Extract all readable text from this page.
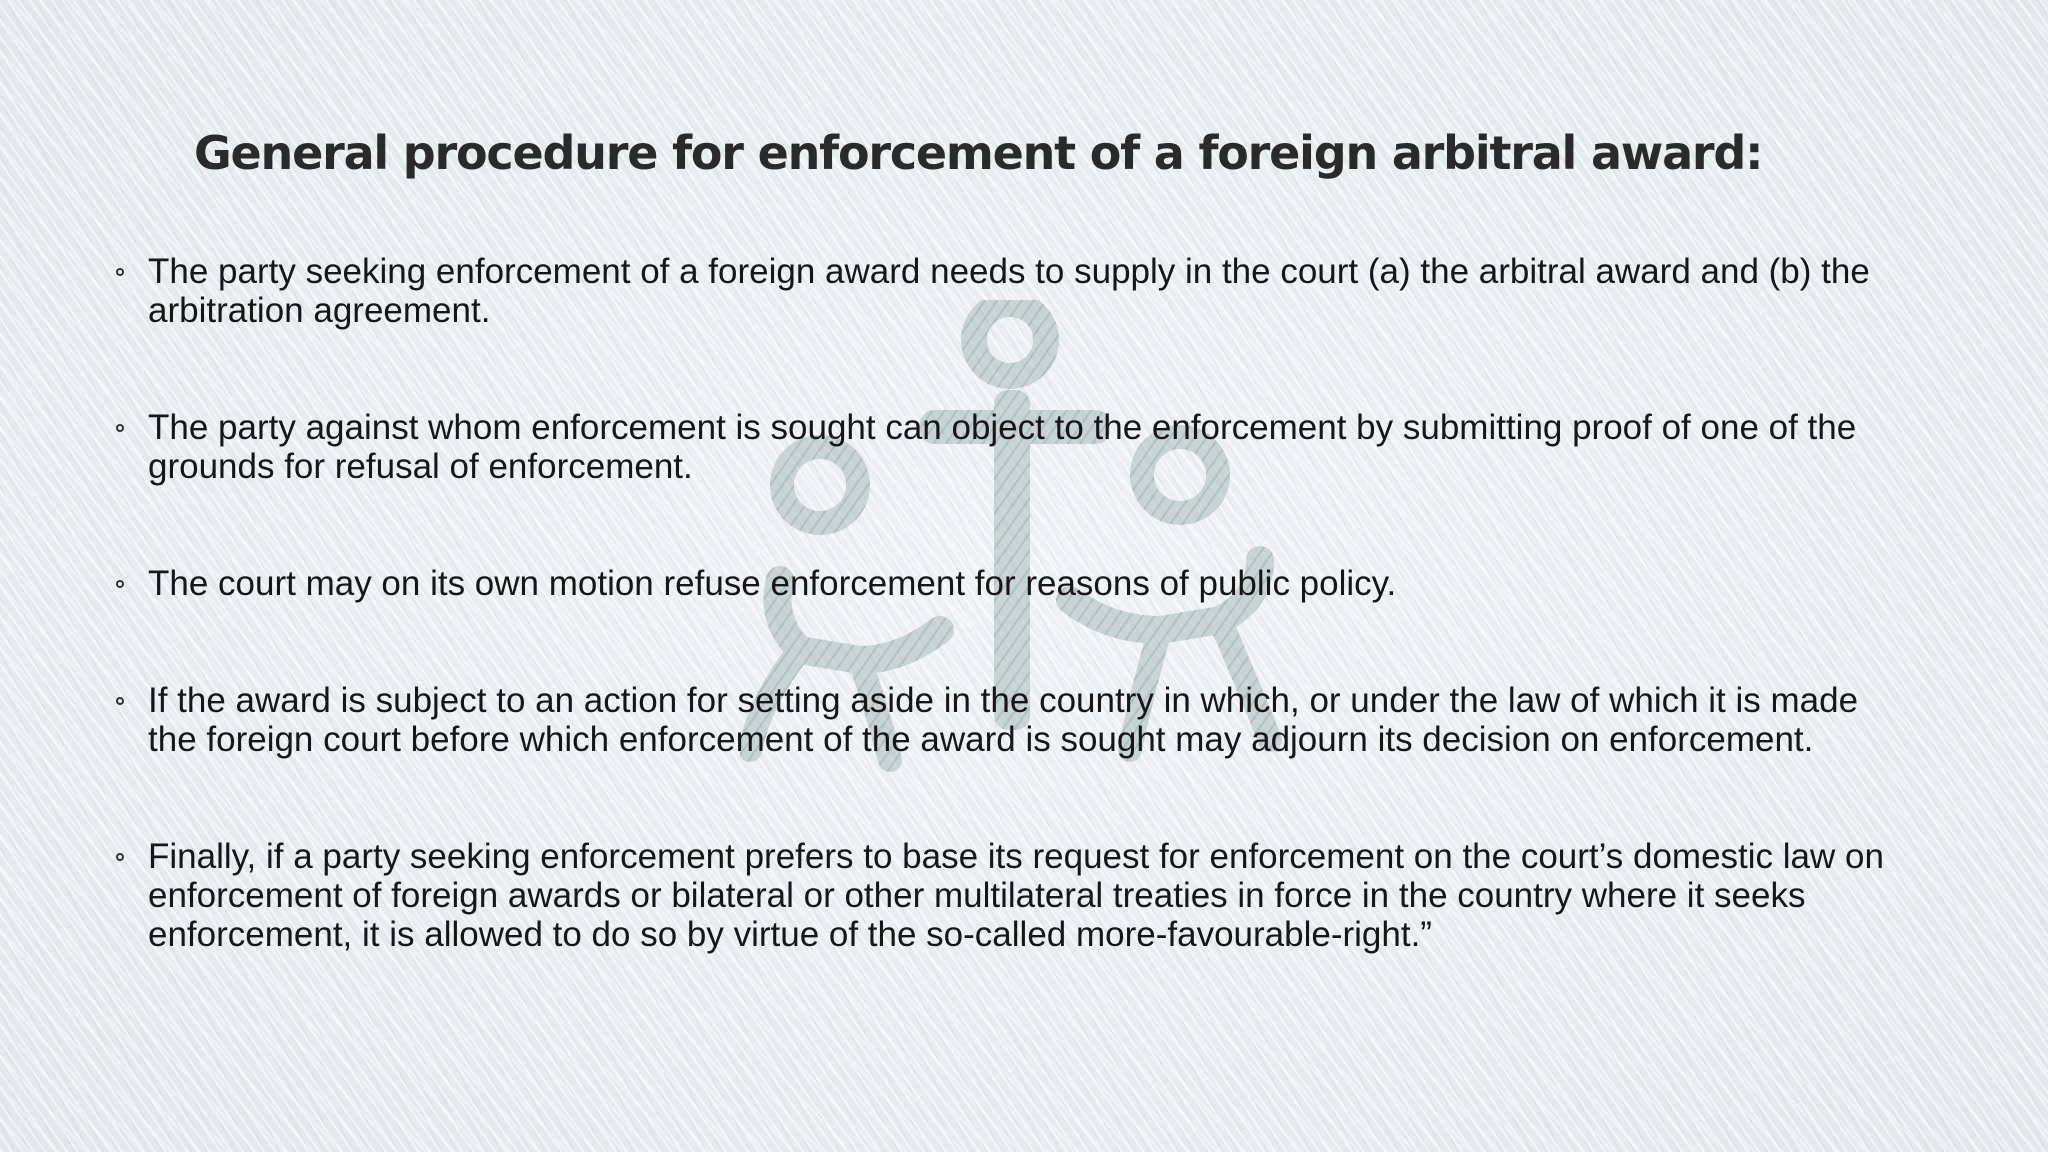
General procedure for enforcement of a foreign arbitral award:
The party seeking enforcement of a foreign award needs to supply in the court (a) the arbitral award and (b) the arbitration agreement.
The party against whom enforcement is sought can object to the enforcement by submitting proof of one of the grounds for refusal of enforcement.
The court may on its own motion refuse enforcement for reasons of public policy.
If the award is subject to an action for setting aside in the country in which, or under the law of which it is made the foreign court before which enforcement of the award is sought may adjourn its decision on enforcement.
Finally, if a party seeking enforcement prefers to base its request for enforcement on the court’s domestic law on enforcement of foreign awards or bilateral or other multilateral treaties in force in the country where it seeks enforcement, it is allowed to do so by virtue of the so-called more-favourable-right.”
